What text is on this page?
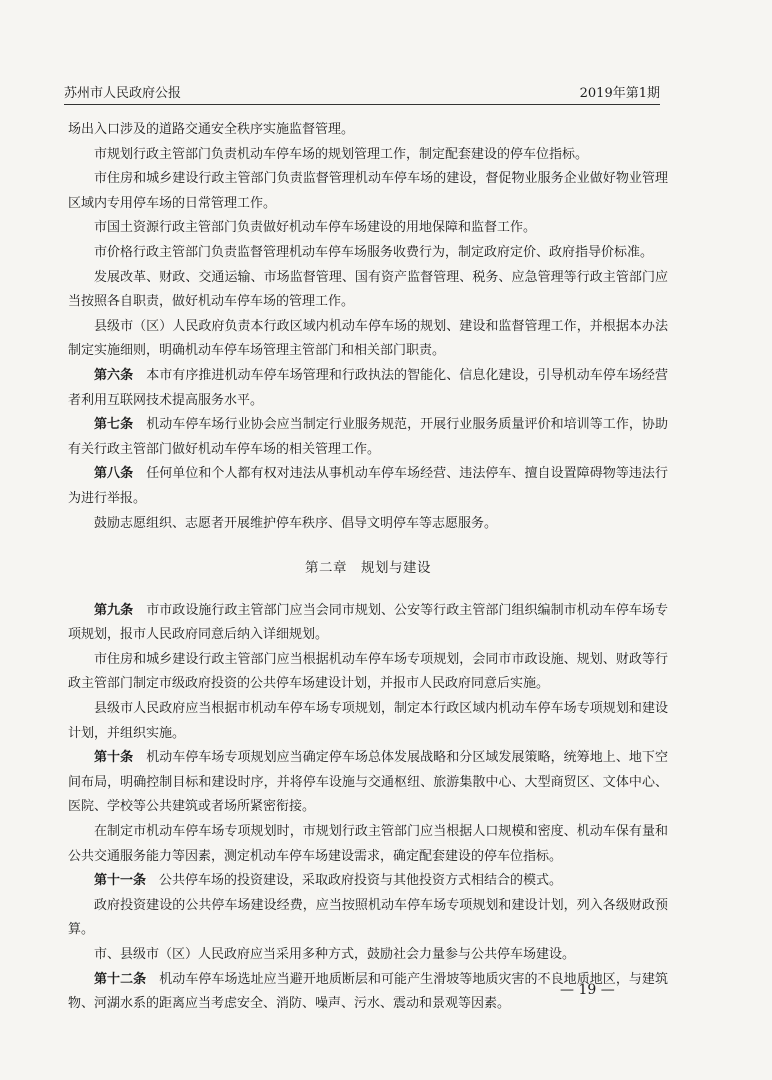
苏州市人民政府公报	2019年第1期

场出入口涉及的道路交通安全秩序实施监督管理。

市规划行政主管部门负责机动车停车场的规划管理工作，制定配套建设的停车位指标。

市住房和城乡建设行政主管部门负责监督管理机动车停车场的建设，督促物业服务企业做好物业管理区域内专用停车场的日常管理工作。

市国土资源行政主管部门负责做好机动车停车场建设的用地保障和监督工作。

市价格行政主管部门负责监督管理机动车停车场服务收费行为，制定政府定价、政府指导价标准。

发展改革、财政、交通运输、市场监督管理、国有资产监督管理、税务、应急管理等行政主管部门应当按照各自职责，做好机动车停车场的管理工作。

县级市（区）人民政府负责本行政区域内机动车停车场的规划、建设和监督管理工作，并根据本办法制定实施细则，明确机动车停车场管理主管部门和相关部门职责。

第六条　 本市有序推进机动车停车场管理和行政执法的智能化、信息化建设，引导机动车停车场经营者利用互联网技术提高服务水平。

第七条　 机动车停车场行业协会应当制定行业服务规范，开展行业服务质量评价和培训等工作，协助有关行政主管部门做好机动车停车场的相关管理工作。

第八条　 任何单位和个人都有权对违法从事机动车停车场经营、违法停车、擅自设置障碍物等违法行为进行举报。

鼓励志愿组织、志愿者开展维护停车秩序、倡导文明停车等志愿服务。

第二章　规划与建设

第九条　 市市政设施行政主管部门应当会同市规划、公安等行政主管部门组织编制市机动车停车场专项规划，报市人民政府同意后纳入详细规划。

市住房和城乡建设行政主管部门应当根据机动车停车场专项规划，会同市市政设施、规划、财政等行政主管部门制定市级政府投资的公共停车场建设计划，并报市人民政府同意后实施。

县级市人民政府应当根据市机动车停车场专项规划，制定本行政区域内机动车停车场专项规划和建设计划，并组织实施。

第十条　 机动车停车场专项规划应当确定停车场总体发展战略和分区域发展策略，统筹地上、地下空间布局，明确控制目标和建设时序，并将停车设施与交通枢纽、旅游集散中心、大型商贸区、文体中心、医院、学校等公共建筑或者场所紧密衔接。

在制定市机动车停车场专项规划时，市规划行政主管部门应当根据人口规模和密度、机动车保有量和公共交通服务能力等因素，测定机动车停车场建设需求，确定配套建设的停车位指标。

第十一条　 公共停车场的投资建设，采取政府投资与其他投资方式相结合的模式。

政府投资建设的公共停车场建设经费，应当按照机动车停车场专项规划和建设计划，列入各级财政预算。

市、县级市（区）人民政府应当采用多种方式，鼓励社会力量参与公共停车场建设。

第十二条　 机动车停车场选址应当避开地质断层和可能产生滑坡等地质灾害的不良地质地区，与建筑物、河湖水系的距离应当考虑安全、消防、噪声、污水、震动和景观等因素。

— 19 —
